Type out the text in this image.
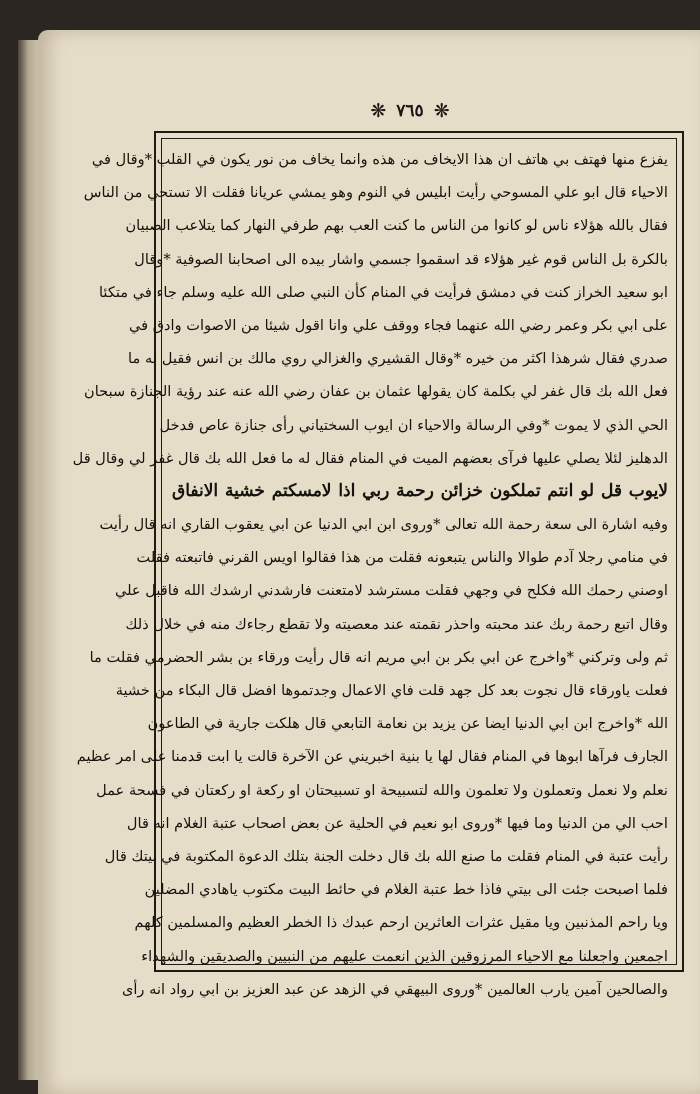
❋ ٧٦٥ ❋
يفزع منها فهتف بي هاتف ان هذا الايخاف من هذه وانما يخاف من نور يكون في القلب *وقال في
الاحياء قال ابو علي المسوحي رأيت ابليس في النوم وهو يمشي عريانا فقلت الا تستحي من الناس
فقال بالله هؤلاء ناس لو كانوا من الناس ما كنت العب بهم طرفي النهار كما يتلاعب الصبيان
بالكرة بل الناس قوم غير هؤلاء قد اسقموا جسمي واشار بيده الى اصحابنا الصوفية *وقال
ابو سعيد الخراز كنت في دمشق فرأيت في المنام كأن النبي صلى الله عليه وسلم جاء في متكئا
على ابي بكر وعمر رضي الله عنهما فجاء ووقف علي وانا اقول شيئا من الاصوات وادق في
صدري فقال شرهذا اكثر من خيره *وقال القشيري والغزالي روي مالك بن انس فقيل له ما
فعل الله بك قال غفر لي بكلمة كان يقولها عثمان بن عفان رضي الله عنه عند رؤية الجنازة سبحان
الحي الذي لا يموت *وفي الرسالة والاحياء ان ايوب السختياني رأى جنازة عاص فدخل
الدهليز لئلا يصلي عليها فرآى بعضهم الميت في المنام فقال له ما فعل الله بك قال غفر لي وقال قل
لايوب قل لو انتم تملكون خزائن رحمة ربي اذا لامسكتم خشية الانفاق
وفيه اشارة الى سعة رحمة الله تعالى *وروى ابن ابي الدنيا عن ابي يعقوب القاري انه قال رأيت
في منامي رجلا آدم طوالا والناس يتبعونه فقلت من هذا فقالوا اويس القرني فاتبعته فقلت
اوصني رحمك الله فكلح في وجهي فقلت مسترشد لامتعنت فارشدني ارشدك الله فاقبل علي
وقال اتبع رحمة ربك عند محبته واحذر نقمته عند معصيته ولا تقطع رجاءك منه في خلال ذلك
ثم ولى وتركني *واخرج عن ابي بكر بن ابي مريم انه قال رأيت ورقاء بن بشر الحضرمي فقلت ما
فعلت ياورقاء قال نجوت بعد كل جهد قلت فاي الاعمال وجدتموها افضل قال البكاء من خشية
الله *واخرج ابن ابي الدنيا ايضا عن يزيد بن نعامة التابعي قال هلكت جارية في الطاعون
الجارف فرآها ابوها في المنام فقال لها يا بنية اخبريني عن الآخرة قالت يا ابت قدمنا على امر عظيم
نعلم ولا نعمل وتعملون ولا تعلمون والله لتسبيحة او تسبيحتان او ركعة او ركعتان في فسحة عمل
احب الي من الدنيا وما فيها *وروى ابو نعيم في الحلية عن بعض اصحاب عتبة الغلام انه قال
رأيت عتبة في المنام فقلت ما صنع الله بك قال دخلت الجنة بتلك الدعوة المكتوبة في بيتك قال
فلما اصبحت جئت الى بيتي فاذا خط عتبة الغلام في حائط البيت مكتوب ياهادي المضلين
ويا راحم المذنبين ويا مقيل عثرات العاثرين ارحم عبدك ذا الخطر العظيم والمسلمين كلهم
اجمعين واجعلنا مع الاحياء المرزوقين الذين انعمت عليهم من النبيين والصديقين والشهداء
والصالحين آمين يارب العالمين *وروى البيهقي في الزهد عن عبد العزيز بن ابي رواد انه رأى
